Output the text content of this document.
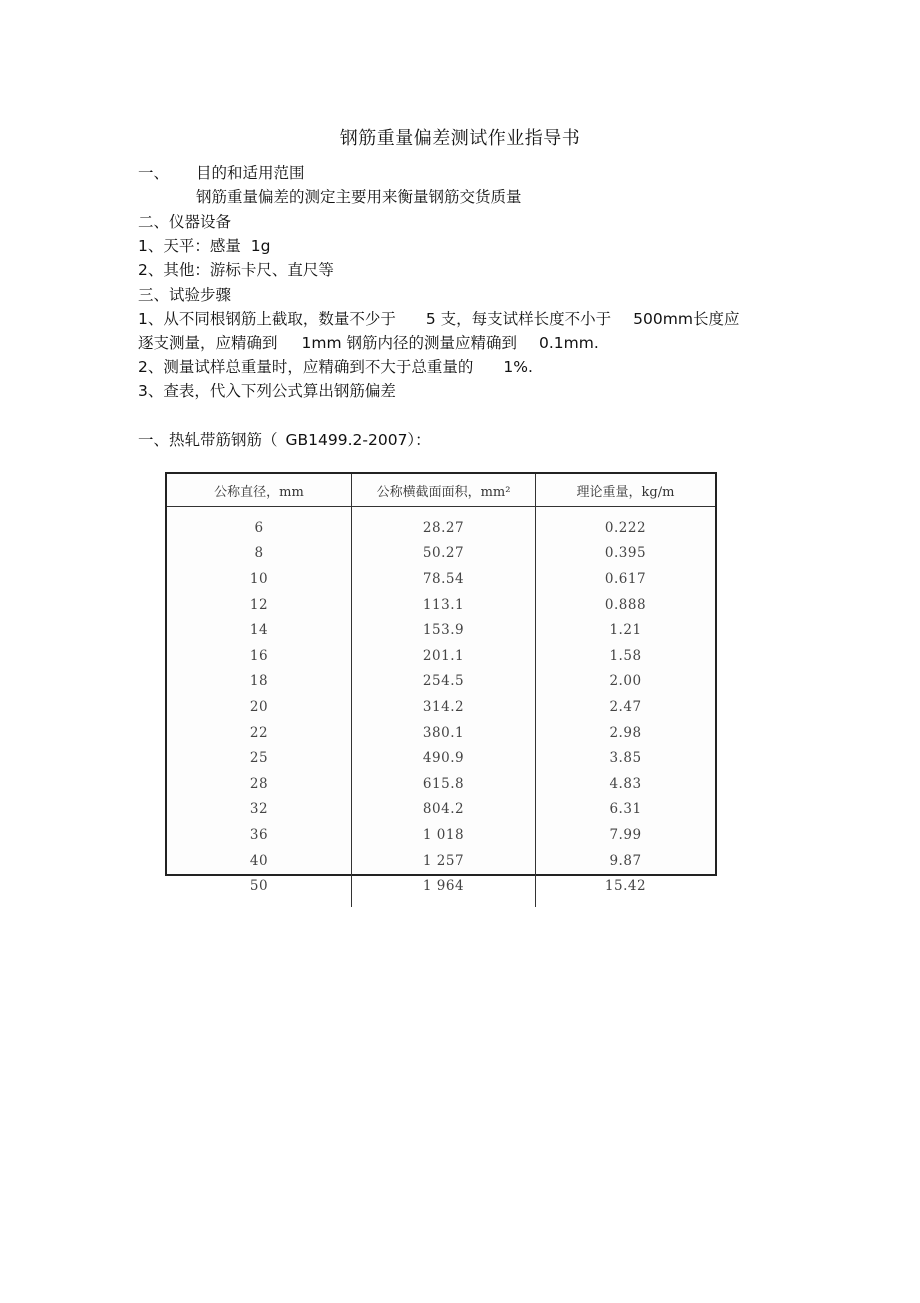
钢筋重量偏差测试作业指导书
一、 目的和适用范围
钢筋重量偏差的测定主要用来衡量钢筋交货质量
二、仪器设备
1、天平：感量  1g
2、其他：游标卡尺、直尺等
三、试验步骤
1、从不同根钢筋上截取，数量不少于 5 支，每支试样长度不小于 500mm长度应
逐支测量，应精确到 1mm 钢筋内径的测量应精确到 0.1mm.
2、测量试样总重量时，应精确到不大于总重量的 1%.
3、查表，代入下列公式算出钢筋偏差
一、热轧带筋钢筋（ GB1499.2-2007）：
公称直径，mm	公称横截面面积，mm²	理论重量，kg/m

6	28.27	0.222
8	50.27	0.395
10	78.54	0.617
12	113.1	0.888
14	153.9	1.21
16	201.1	1.58
18	254.5	2.00
20	314.2	2.47
22	380.1	2.98
25	490.9	3.85
28	615.8	4.83
32	804.2	6.31
36	1 018	7.99
40	1 257	9.87
50	1 964	15.42
